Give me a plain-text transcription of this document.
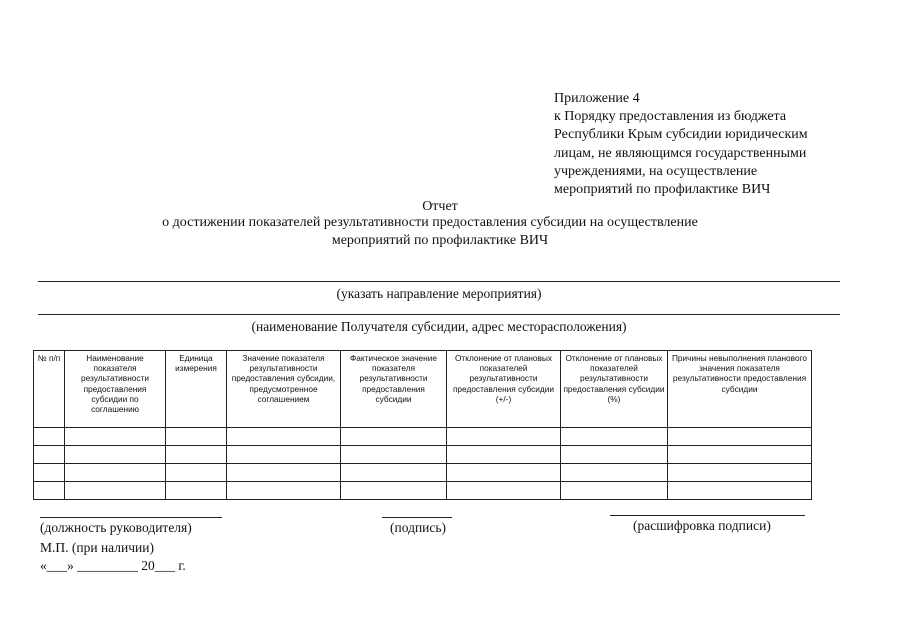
Приложение 4
к Порядку предоставления из бюджета
Республики Крым субсидии юридическим
лицам, не являющимся государственными
учреждениями, на осуществление
мероприятий по профилактике ВИЧ
Отчет
о достижении показателей результативности предоставления субсидии на осуществление
мероприятий по профилактике ВИЧ
(указать направление мероприятия)
(наименование Получателя субсидии, адрес месторасположения)
№ п/п	Наименование показателя результативности предоставления субсидии по соглашению	Единица измерения	Значение показателя результативности предоставления субсидии, предусмотренное соглашением	Фактическое значение показателя результативности предоставления субсидии	Отклонение от плановых показателей результативности предоставления субсидии (+/-)	Отклонение от плановых показателей результативности предоставления субсидии (%)	Причины невыполнения планового значения показателя результативности предоставления субсидии

(должность руководителя)	(подпись)	(расшифровка подписи)
М.П. (при наличии)
«___» _________ 20___ г.
